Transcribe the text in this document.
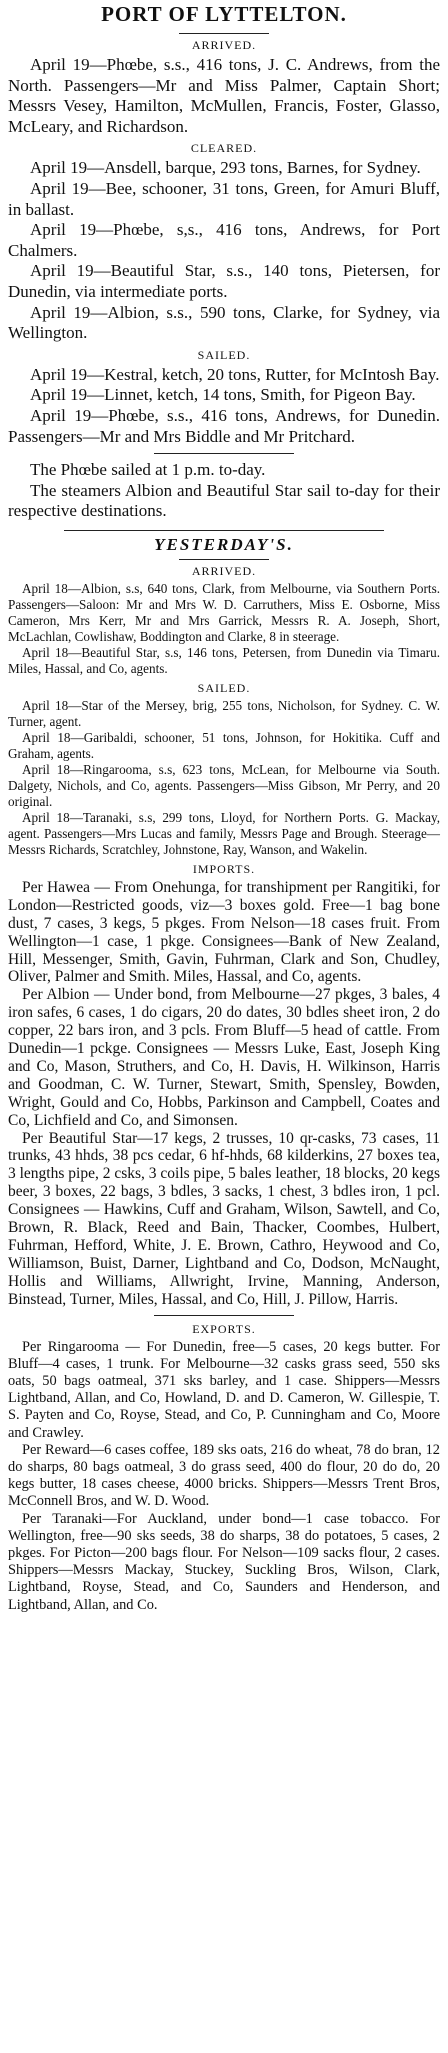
PORT OF LYTTELTON.
ARRIVED.

April 19—Phœbe, s.s., 416 tons, J. C. Andrews, from the North. Passengers—Mr and Miss Palmer, Captain Short; Messrs Vesey, Hamilton, McMullen, Francis, Foster, Glasso, McLeary, and Richardson.

CLEARED.

April 19—Ansdell, barque, 293 tons, Barnes, for Sydney.

April 19—Bee, schooner, 31 tons, Green, for Amuri Bluff, in ballast.

April 19—Phœbe, s,s., 416 tons, Andrews, for Port Chalmers.

April 19—Beautiful Star, s.s., 140 tons, Pietersen, for Dunedin, via intermediate ports.

April 19—Albion, s.s., 590 tons, Clarke, for Sydney, via Wellington.

SAILED.

April 19—Kestral, ketch, 20 tons, Rutter, for McIntosh Bay.

April 19—Linnet, ketch, 14 tons, Smith, for Pigeon Bay.

April 19—Phœbe, s.s., 416 tons, Andrews, for Dunedin. Passengers—Mr and Mrs Biddle and Mr Pritchard.

The Phœbe sailed at 1 p.m. to-day.

The steamers Albion and Beautiful Star sail to-day for their respective destinations.

YESTERDAY'S.
ARRIVED.

April 18—Albion, s.s, 640 tons, Clark, from Melbourne, via Southern Ports. Passengers—Saloon: Mr and Mrs W. D. Carruthers, Miss E. Osborne, Miss Cameron, Mrs Kerr, Mr and Mrs Garrick, Messrs R. A. Joseph, Short, McLachlan, Cowlishaw, Boddington and Clarke, 8 in steerage.

April 18—Beautiful Star, s.s, 146 tons, Petersen, from Dunedin via Timaru. Miles, Hassal, and Co, agents.

SAILED.

April 18—Star of the Mersey, brig, 255 tons, Nicholson, for Sydney. C. W. Turner, agent.

April 18—Garibaldi, schooner, 51 tons, Johnson, for Hokitika. Cuff and Graham, agents.

April 18—Ringarooma, s.s, 623 tons, McLean, for Melbourne via South. Dalgety, Nichols, and Co, agents. Passengers—Miss Gibson, Mr Perry, and 20 original.

April 18—Taranaki, s.s, 299 tons, Lloyd, for Northern Ports. G. Mackay, agent. Passengers—Mrs Lucas and family, Messrs Page and Brough. Steerage—Messrs Richards, Scratchley, Johnstone, Ray, Wanson, and Wakelin.

IMPORTS.

Per Hawea — From Onehunga, for transhipment per Rangitiki, for London—Restricted goods, viz—3 boxes gold. Free—1 bag bone dust, 7 cases, 3 kegs, 5 pkges. From Nelson—18 cases fruit. From Wellington—1 case, 1 pkge. Consignees—Bank of New Zealand, Hill, Messenger, Smith, Gavin, Fuhrman, Clark and Son, Chudley, Oliver, Palmer and Smith. Miles, Hassal, and Co, agents.

Per Albion — Under bond, from Melbourne—27 pkges, 3 bales, 4 iron safes, 6 cases, 1 do cigars, 20 do dates, 30 bdles sheet iron, 2 do copper, 22 bars iron, and 3 pcls. From Bluff—5 head of cattle. From Dunedin—1 pckge. Consignees — Messrs Luke, East, Joseph King and Co, Mason, Struthers, and Co, H. Davis, H. Wilkinson, Harris and Goodman, C. W. Turner, Stewart, Smith, Spensley, Bowden, Wright, Gould and Co, Hobbs, Parkinson and Campbell, Coates and Co, Lichfield and Co, and Simonsen.

Per Beautiful Star—17 kegs, 2 trusses, 10 qr-casks, 73 cases, 11 trunks, 43 hhds, 38 pcs cedar, 6 hf-hhds, 68 kilderkins, 27 boxes tea, 3 lengths pipe, 2 csks, 3 coils pipe, 5 bales leather, 18 blocks, 20 kegs beer, 3 boxes, 22 bags, 3 bdles, 3 sacks, 1 chest, 3 bdles iron, 1 pcl. Consignees — Hawkins, Cuff and Graham, Wilson, Sawtell, and Co, Brown, R. Black, Reed and Bain, Thacker, Coombes, Hulbert, Fuhrman, Hefford, White, J. E. Brown, Cathro, Heywood and Co, Williamson, Buist, Darner, Lightband and Co, Dodson, McNaught, Hollis and Williams, Allwright, Irvine, Manning, Anderson, Binstead, Turner, Miles, Hassal, and Co, Hill, J. Pillow, Harris.

EXPORTS.

Per Ringarooma — For Dunedin, free—5 cases, 20 kegs butter. For Bluff—4 cases, 1 trunk. For Melbourne—32 casks grass seed, 550 sks oats, 50 bags oatmeal, 371 sks barley, and 1 case. Shippers—Messrs Lightband, Allan, and Co, Howland, D. and D. Cameron, W. Gillespie, T. S. Payten and Co, Royse, Stead, and Co, P. Cunningham and Co, Moore and Crawley.

Per Reward—6 cases coffee, 189 sks oats, 216 do wheat, 78 do bran, 12 do sharps, 80 bags oatmeal, 3 do grass seed, 400 do flour, 20 do do, 20 kegs butter, 18 cases cheese, 4000 bricks. Shippers—Messrs Trent Bros, McConnell Bros, and W. D. Wood.

Per Taranaki—For Auckland, under bond—1 case tobacco. For Wellington, free—90 sks seeds, 38 do sharps, 38 do potatoes, 5 cases, 2 pkges. For Picton—200 bags flour. For Nelson—109 sacks flour, 2 cases. Shippers—Messrs Mackay, Stuckey, Suckling Bros, Wilson, Clark, Lightband, Royse, Stead, and Co, Saunders and Henderson, and Lightband, Allan, and Co.
